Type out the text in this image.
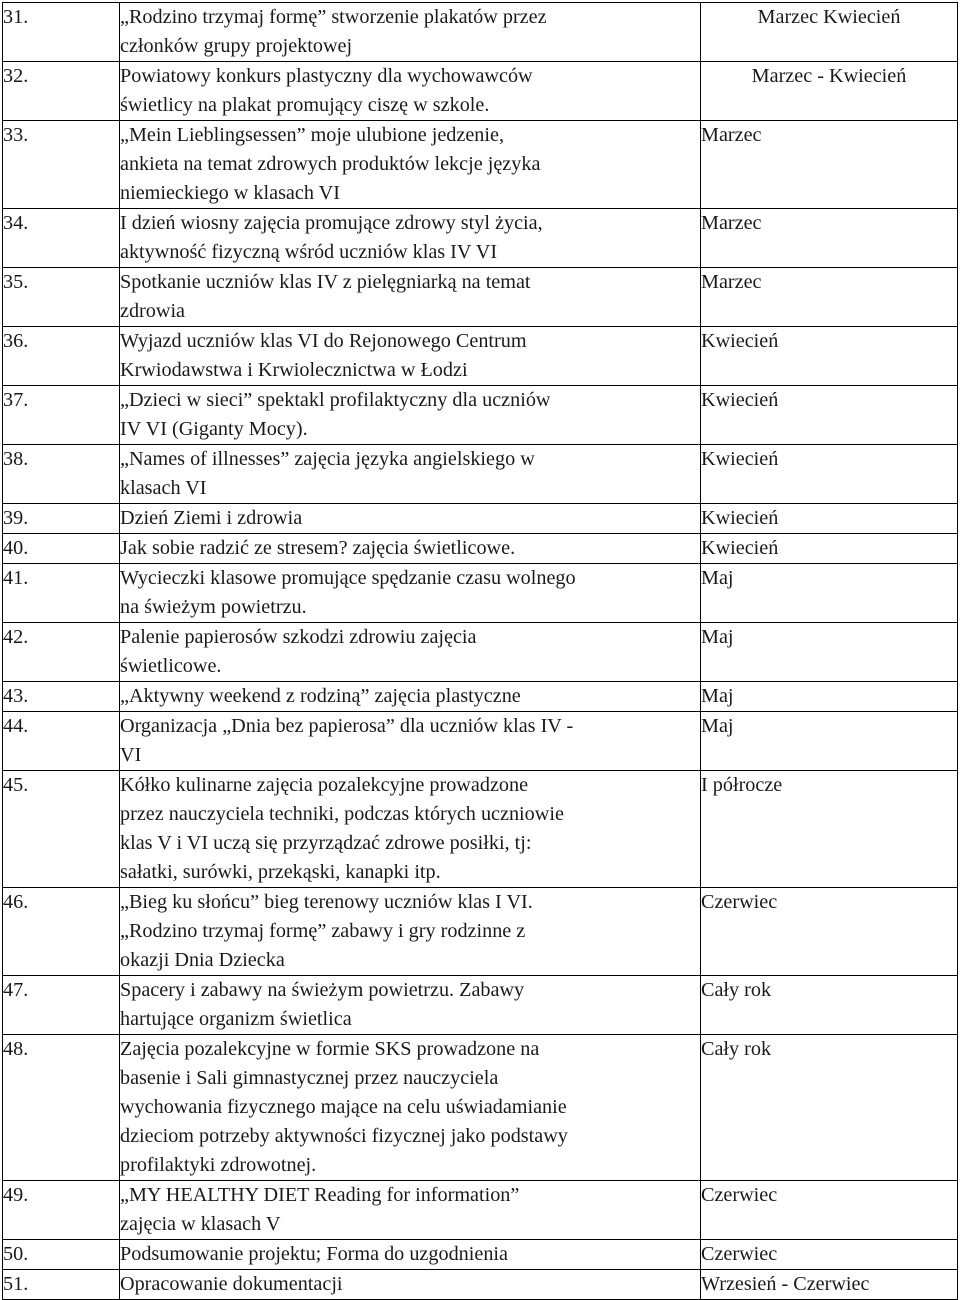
31.	„Rodzino trzymaj formę” stworzenie plakatów przez
członków grupy projektowej	Marzec Kwiecień
32.	Powiatowy konkurs plastyczny dla wychowawców
świetlicy na plakat promujący ciszę w szkole.	Marzec - Kwiecień
33.	„Mein Lieblingsessen” moje ulubione jedzenie,
ankieta na temat zdrowych produktów lekcje języka
niemieckiego w klasach VI	Marzec
34.	I dzień wiosny zajęcia promujące zdrowy styl życia,
aktywność fizyczną wśród uczniów klas IV VI	Marzec
35.	Spotkanie uczniów klas IV z pielęgniarką na temat
zdrowia	Marzec
36.	Wyjazd uczniów klas VI do Rejonowego Centrum
Krwiodawstwa i Krwiolecznictwa w Łodzi	Kwiecień
37.	„Dzieci w sieci” spektakl profilaktyczny dla uczniów
IV VI (Giganty Mocy).	Kwiecień
38.	„Names of illnesses” zajęcia języka angielskiego w
klasach VI	Kwiecień
39.	Dzień Ziemi i zdrowia	Kwiecień
40.	Jak sobie radzić ze stresem? zajęcia świetlicowe.	Kwiecień
41.	Wycieczki klasowe promujące spędzanie czasu wolnego
na świeżym powietrzu.	Maj
42.	Palenie papierosów szkodzi zdrowiu zajęcia
świetlicowe.	Maj
43.	„Aktywny weekend z rodziną” zajęcia plastyczne	Maj
44.	Organizacja „Dnia bez papierosa” dla uczniów klas IV -
VI	Maj
45.	Kółko kulinarne zajęcia pozalekcyjne prowadzone
przez nauczyciela techniki, podczas których uczniowie
klas V i VI uczą się przyrządzać zdrowe posiłki, tj:
sałatki, surówki, przekąski, kanapki itp.	I półrocze
46.	„Bieg ku słońcu” bieg terenowy uczniów klas I VI.
„Rodzino trzymaj formę” zabawy i gry rodzinne z
okazji Dnia Dziecka	Czerwiec
47.	Spacery i zabawy na świeżym powietrzu. Zabawy
hartujące organizm świetlica	Cały rok
48.	Zajęcia pozalekcyjne w formie SKS prowadzone na
basenie i Sali gimnastycznej przez nauczyciela
wychowania fizycznego mające na celu uświadamianie
dzieciom potrzeby aktywności fizycznej jako podstawy
profilaktyki zdrowotnej.	Cały rok
49.	„MY HEALTHY DIET Reading for information”
zajęcia w klasach V	Czerwiec
50.	Podsumowanie projektu; Forma do uzgodnienia	Czerwiec
51.	Opracowanie dokumentacji	Wrzesień - Czerwiec
